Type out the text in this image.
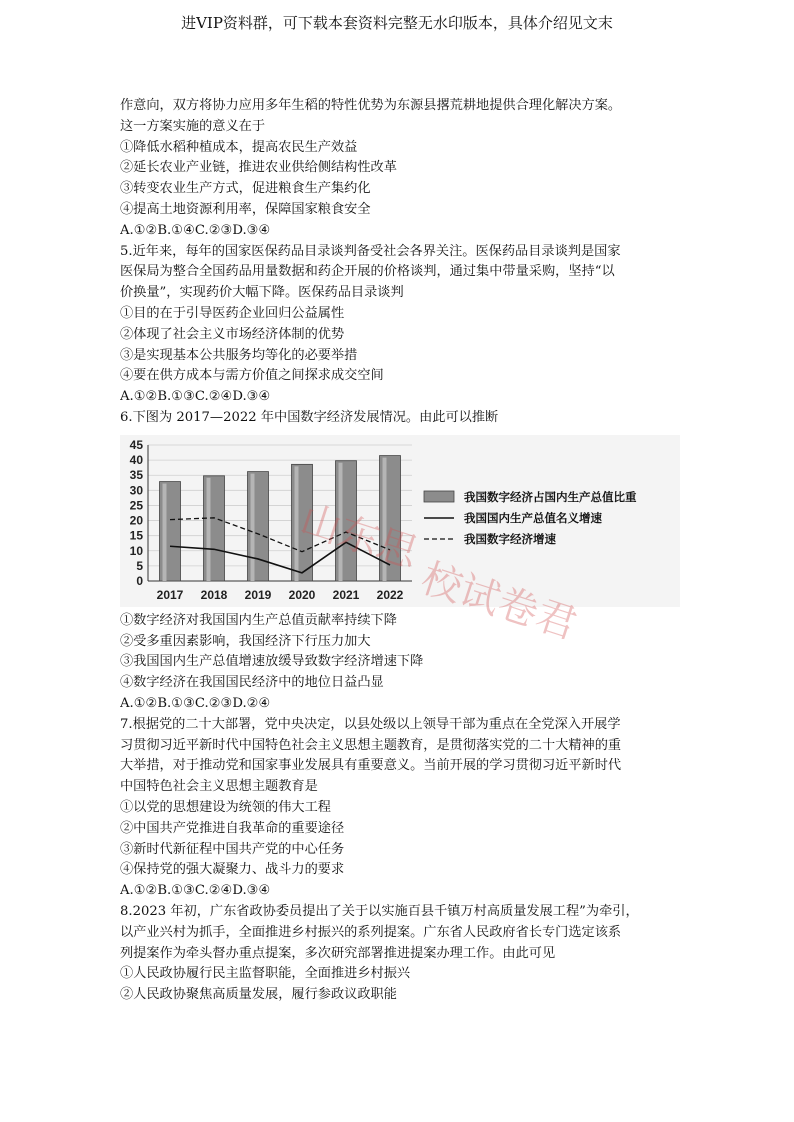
进VIP资料群，可下载本套资料完整无水印版本，具体介绍见文末
作意向，双方将协力应用多年生稻的特性优势为东源县撂荒耕地提供合理化解决方案。
这一方案实施的意义在于
①降低水稻种植成本，提高农民生产效益
②延长农业产业链，推进农业供给侧结构性改革
③转变农业生产方式，促进粮食生产集约化
④提高土地资源利用率，保障国家粮食安全
A.①②B.①④C.②③D.③④
5.近年来，每年的国家医保药品目录谈判备受社会各界关注。医保药品目录谈判是国家
医保局为整合全国药品用量数据和药企开展的价格谈判，通过集中带量采购，坚持“以
价换量”，实现药价大幅下降。医保药品目录谈判
①目的在于引导医药企业回归公益属性
②体现了社会主义市场经济体制的优势
③是实现基本公共服务均等化的必要举措
④要在供方成本与需方价值之间探求成交空间
A.①②B.①③C.②④D.③④
6.下图为 2017—2022 年中国数字经济发展情况。由此可以推断
0
5
10
15
20
25
30
35
40
45
2017 2018 2019 2020 2021 2022
我国数字经济占国内生产总值比重
我国国内生产总值名义增速
我国数字经济增速
①数字经济对我国国内生产总值贡献率持续下降
②受多重因素影响，我国经济下行压力加大
③我国国内生产总值增速放缓导致数字经济增速下降
④数字经济在我国国民经济中的地位日益凸显
A.①②B.①③C.②③D.②④
7.根据党的二十大部署，党中央决定，以县处级以上领导干部为重点在全党深入开展学
习贯彻习近平新时代中国特色社会主义思想主题教育，是贯彻落实党的二十大精神的重
大举措，对于推动党和国家事业发展具有重要意义。当前开展的学习贯彻习近平新时代
中国特色社会主义思想主题教育是
①以党的思想建设为统领的伟大工程
②中国共产党推进自我革命的重要途径
③新时代新征程中国共产党的中心任务
④保持党的强大凝聚力、战斗力的要求
A.①②B.①③C.②④D.③④
8.2023 年初，广东省政协委员提出了关于以实施百县千镇万村高质量发展工程”为牵引，
以产业兴村为抓手，全面推进乡村振兴的系列提案。广东省人民政府省长专门选定该系
列提案作为牵头督办重点提案，多次研究部署推进提案办理工作。由此可见
①人民政协履行民主监督职能，全面推进乡村振兴
②人民政协聚焦高质量发展，履行参政议政职能
山东思
校试卷君
